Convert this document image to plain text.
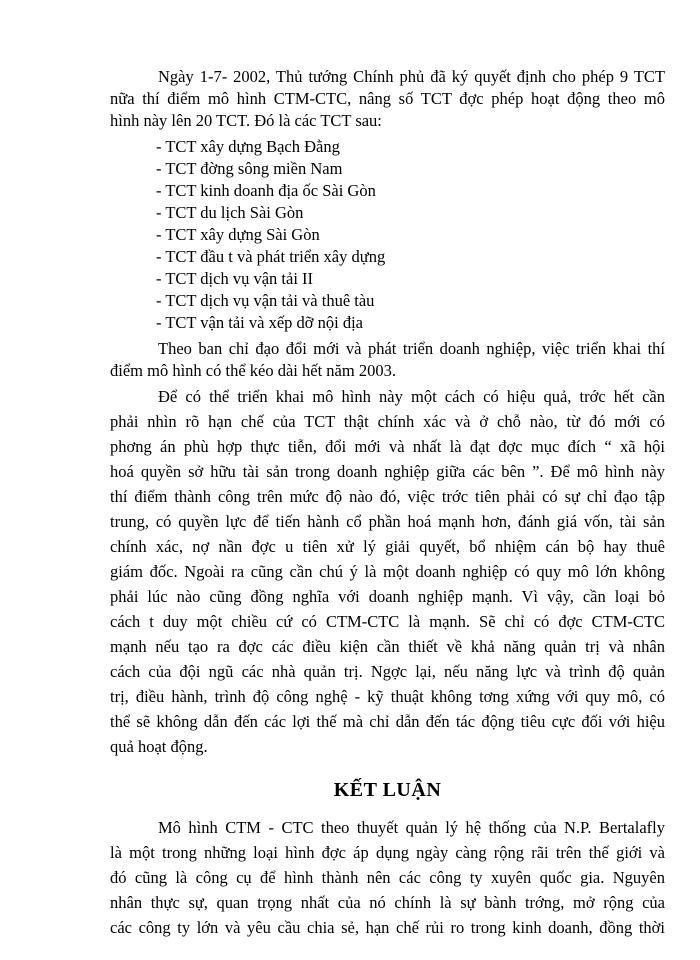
Ngày 1-7- 2002, Thủ tướng Chính phủ đã ký quyết định cho phép 9 TCT
nữa thí điểm mô hình CTM-CTC, nâng số TCT đợc phép hoạt động theo mô
hình này lên 20 TCT. Đó là các TCT sau:
- TCT xây dựng Bạch Đằng
- TCT đờng sông miền Nam
- TCT kinh doanh địa ốc Sài Gòn
- TCT du lịch Sài Gòn
- TCT xây dựng Sài Gòn
- TCT đầu t và phát triển xây dựng
- TCT dịch vụ vận tải II
- TCT dịch vụ vận tải và thuê tàu
- TCT vận tải và xếp dỡ nội địa
Theo ban chỉ đạo đổi mới và phát triển doanh nghiệp, việc triển khai thí
điểm mô hình có thể kéo dài hết năm 2003.
Để có thể triển khai mô hình này một cách có hiệu quả, trớc hết cần
phải nhìn rõ hạn chế của TCT thật chính xác và ở chỗ nào, từ đó mới có
phơng án phù hợp thực tiễn, đổi mới và nhất là đạt đợc mục đích “ xã hội
hoá quyền sở hữu tài sản trong doanh nghiệp giữa các bên ”. Để mô hình này
thí điểm thành công trên mức độ nào đó, việc trớc tiên phải có sự chỉ đạo tập
trung, có quyền lực để tiến hành cổ phần hoá mạnh hơn, đánh giá vốn, tài sản
chính xác, nợ nần đợc u tiên xử lý giải quyết, bổ nhiệm cán bộ hay thuê
giám đốc. Ngoài ra cũng cần chú ý là một doanh nghiệp có quy mô lớn không
phải lúc nào cũng đồng nghĩa với doanh nghiệp mạnh. Vì vậy, cần loại bỏ
cách t duy một chiều cứ có CTM-CTC là mạnh. Sẽ chỉ có đợc CTM-CTC
mạnh nếu tạo ra đợc các điều kiện cần thiết về khả năng quản trị và nhân
cách của đội ngũ các nhà quản trị. Ngợc lại, nếu năng lực và trình độ quản
trị, điều hành, trình độ công nghệ - kỹ thuật không tơng xứng với quy mô, có
thể sẽ không dẫn đến các lợi thế mà chỉ dẫn đến tác động tiêu cực đối với hiệu
quả hoạt động.
KẾT LUẬN
Mô hình CTM - CTC theo thuyết quản lý hệ thống của N.P. Bertalafly
là một trong những loại hình đợc áp dụng ngày càng rộng rãi trên thế giới và
đó cũng là công cụ để hình thành nên các công ty xuyên quốc gia. Nguyên
nhân thực sự, quan trọng nhất của nó chính là sự bành trớng, mở rộng của
các công ty lớn và yêu cầu chia sẻ, hạn chế rủi ro trong kinh doanh, đồng thời
